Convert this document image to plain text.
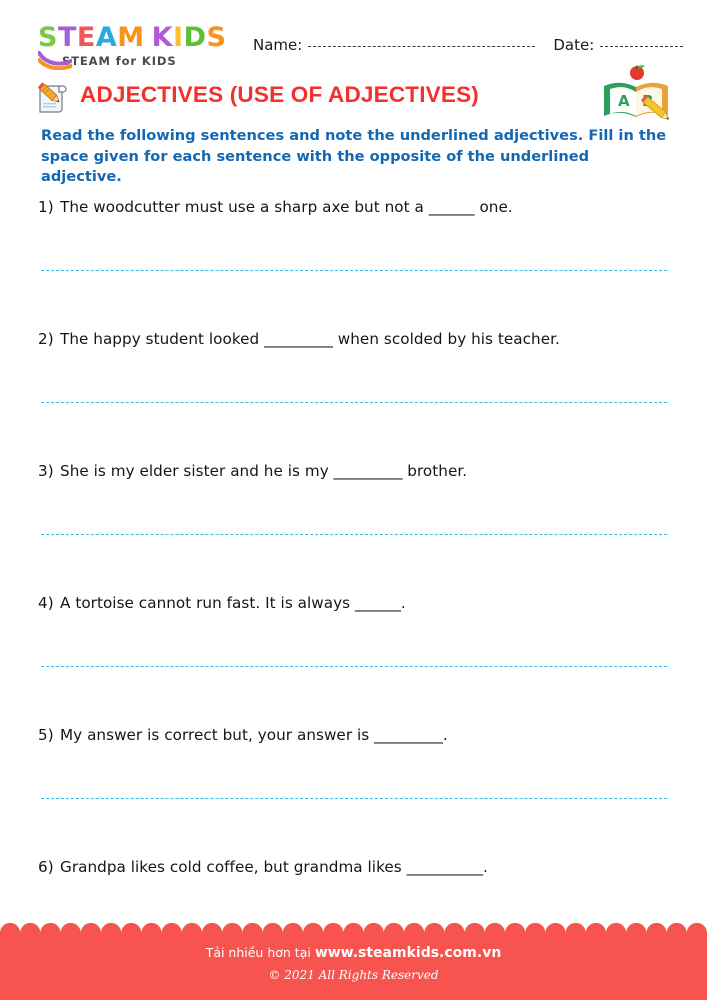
STEAM KIDS
STEAM for KIDS
Name:	Date:
ADJECTIVES (USE OF ADJECTIVES)	A
Read the following sentences and note the underlined adjectives. Fill in the space given for each sentence with the opposite of the underlined adjective.
1) The woodcutter must use a sharp axe but not a ______ one.
2) The happy student looked _________ when scolded by his teacher.
3) She is my elder sister and he is my _________ brother.
4) A tortoise cannot run fast. It is always ______.
5) My answer is correct but, your answer is _________.
6) Grandpa likes cold coffee, but grandma likes __________.
Tải nhiều hơn tại www.steamkids.com.vn
© 2021 All Rights Reserved
